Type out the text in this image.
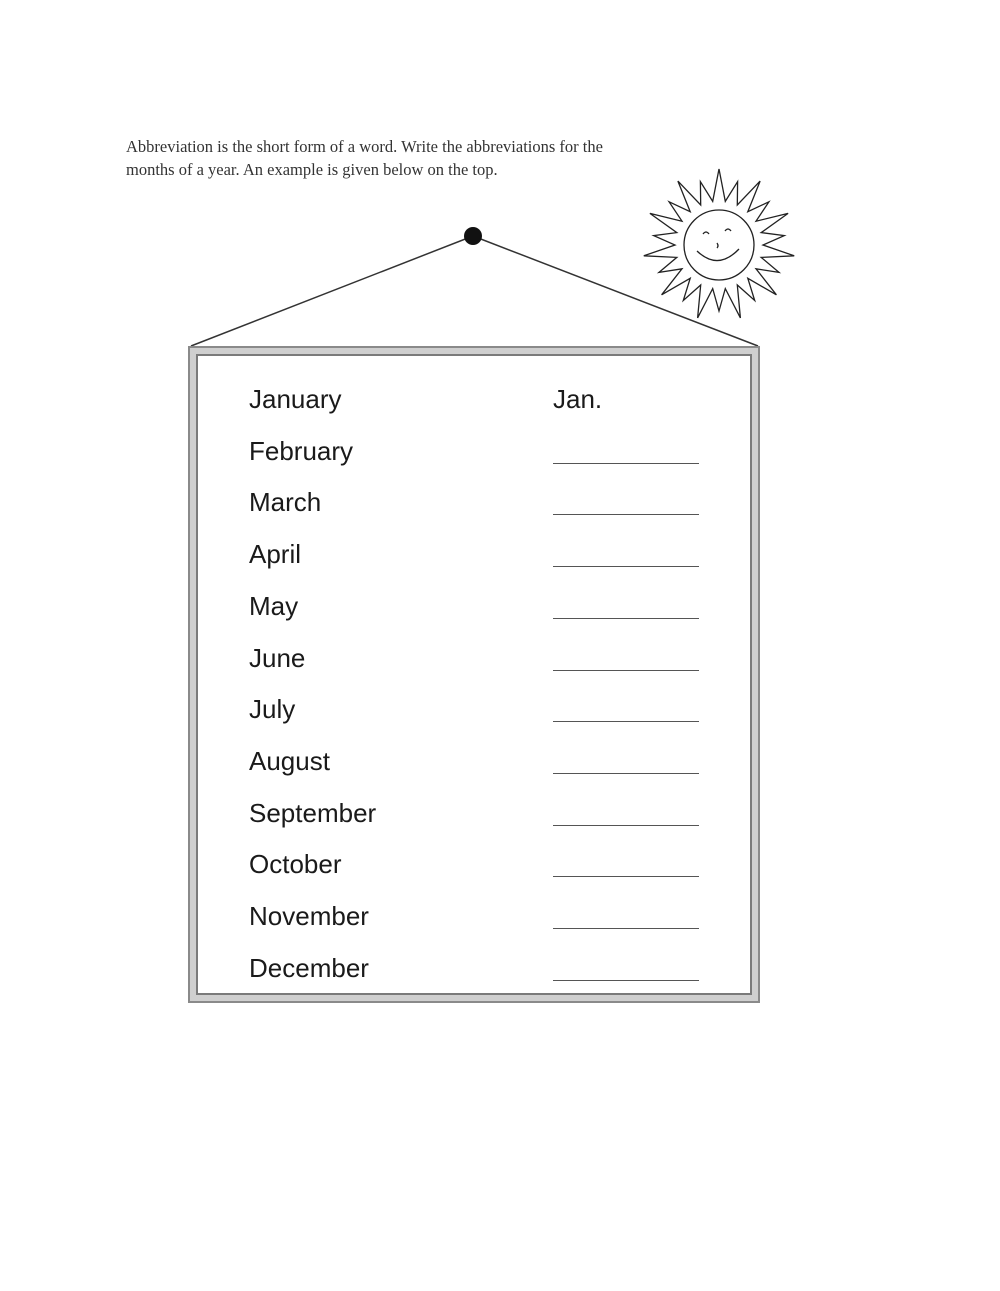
Abbreviation is the short form of a word. Write the abbreviations for the
months of a year. An example is given below on the top.

January	Jan.
February
March
April
May
June
July
August
September
October
November
December
